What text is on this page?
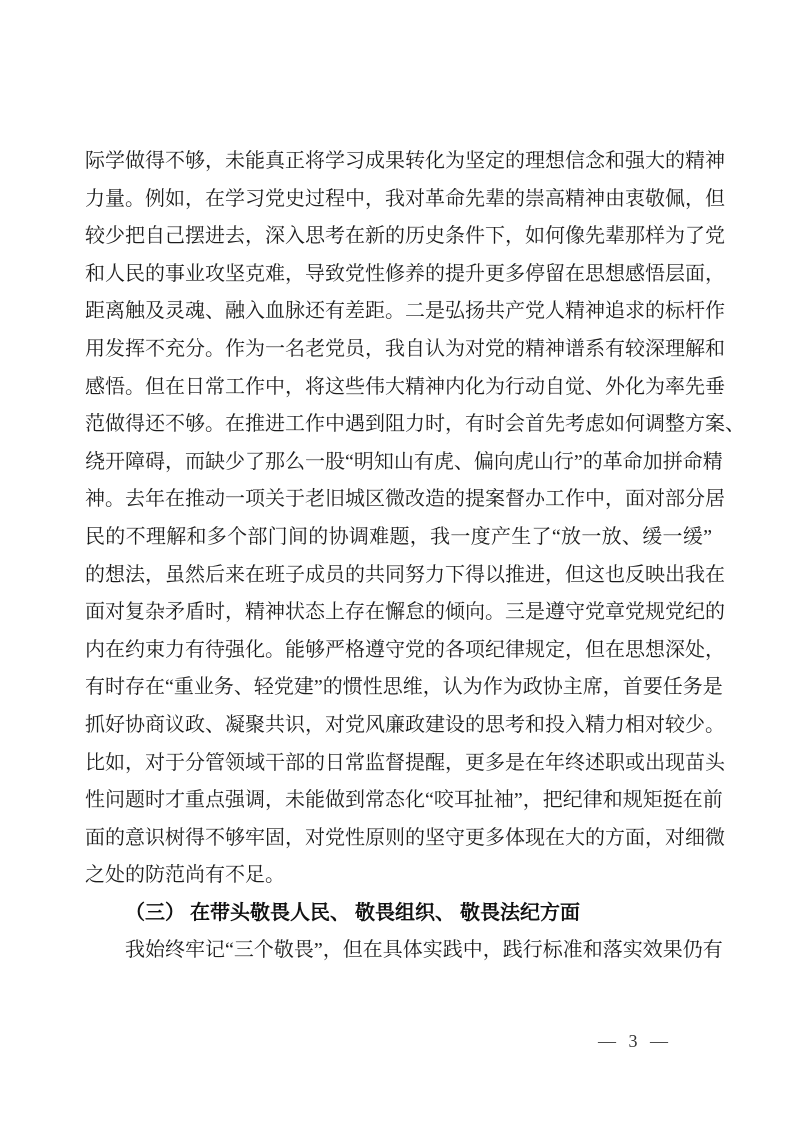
际学做得不够，未能真正将学习成果转化为坚定的理想信念和强大的精神
力量。例如，在学习党史过程中，我对革命先辈的崇高精神由衷敬佩，但
较少把自己摆进去，深入思考在新的历史条件下，如何像先辈那样为了党
和人民的事业攻坚克难，导致党性修养的提升更多停留在思想感悟层面，
距离触及灵魂、融入血脉还有差距。二是弘扬共产党人精神追求的标杆作
用发挥不充分。作为一名老党员，我自认为对党的精神谱系有较深理解和
感悟。但在日常工作中，将这些伟大精神内化为行动自觉、外化为率先垂
范做得还不够。在推进工作中遇到阻力时，有时会首先考虑如何调整方案、
绕开障碍，而缺少了那么一股“明知山有虎、偏向虎山行”的革命加拼命精
神。去年在推动一项关于老旧城区微改造的提案督办工作中，面对部分居
民的不理解和多个部门间的协调难题，我一度产生了“放一放、缓一缓”
的想法，虽然后来在班子成员的共同努力下得以推进，但这也反映出我在
面对复杂矛盾时，精神状态上存在懈怠的倾向。三是遵守党章党规党纪的
内在约束力有待强化。能够严格遵守党的各项纪律规定，但在思想深处，
有时存在“重业务、轻党建”的惯性思维，认为作为政协主席，首要任务是
抓好协商议政、凝聚共识，对党风廉政建设的思考和投入精力相对较少。
比如，对于分管领域干部的日常监督提醒，更多是在年终述职或出现苗头
性问题时才重点强调，未能做到常态化“咬耳扯袖”，把纪律和规矩挺在前
面的意识树得不够牢固，对党性原则的坚守更多体现在大的方面，对细微
之处的防范尚有不足。
（三） 在带头敬畏人民、 敬畏组织、 敬畏法纪方面
我始终牢记“三个敬畏”，但在具体实践中，践行标准和落实效果仍有
— 3 —
